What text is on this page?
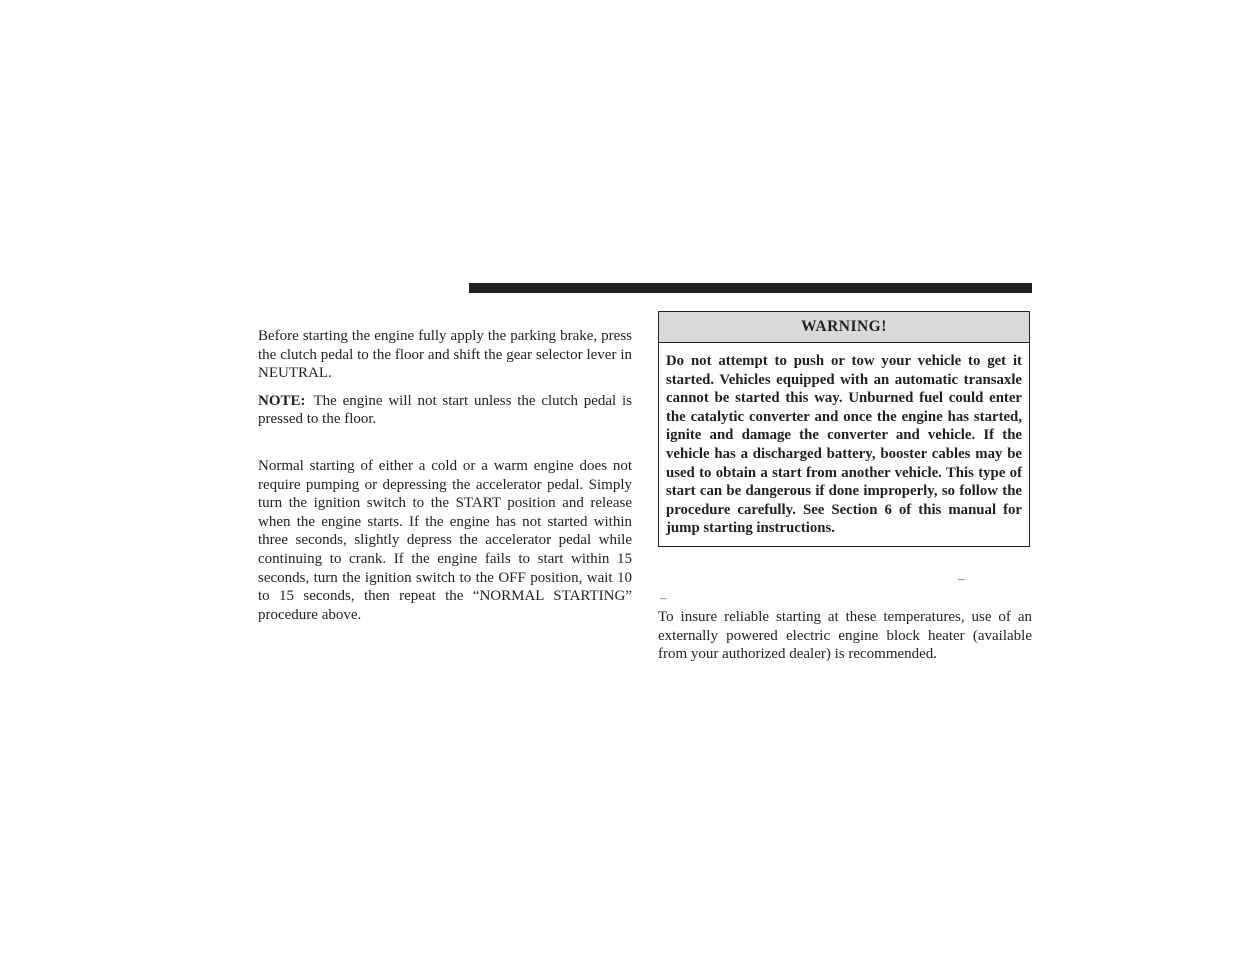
Before starting the engine fully apply the parking brake, press the clutch pedal to the floor and shift the gear selector lever in NEUTRAL.

NOTE: The engine will not start unless the clutch pedal is pressed to the floor.

Normal starting of either a cold or a warm engine does not require pumping or depressing the accelerator pedal. Simply turn the ignition switch to the START position and release when the engine starts. If the engine has not started within three seconds, slightly depress the accelerator pedal while continuing to crank. If the engine fails to start within 15 seconds, turn the ignition switch to the OFF position, wait 10 to 15 seconds, then repeat the “NORMAL STARTING” procedure above.

WARNING!
Do not attempt to push or tow your vehicle to get it started. Vehicles equipped with an automatic transaxle cannot be started this way. Unburned fuel could enter the catalytic converter and once the engine has started, ignite and damage the converter and vehicle. If the vehicle has a discharged battery, booster cables may be used to obtain a start from another vehicle. This type of start can be dangerous if done improperly, so follow the procedure carefully. See Section 6 of this manual for jump starting instructions.
–
–

To insure reliable starting at these temperatures, use of an externally powered electric engine block heater (available from your authorized dealer) is recommended.
